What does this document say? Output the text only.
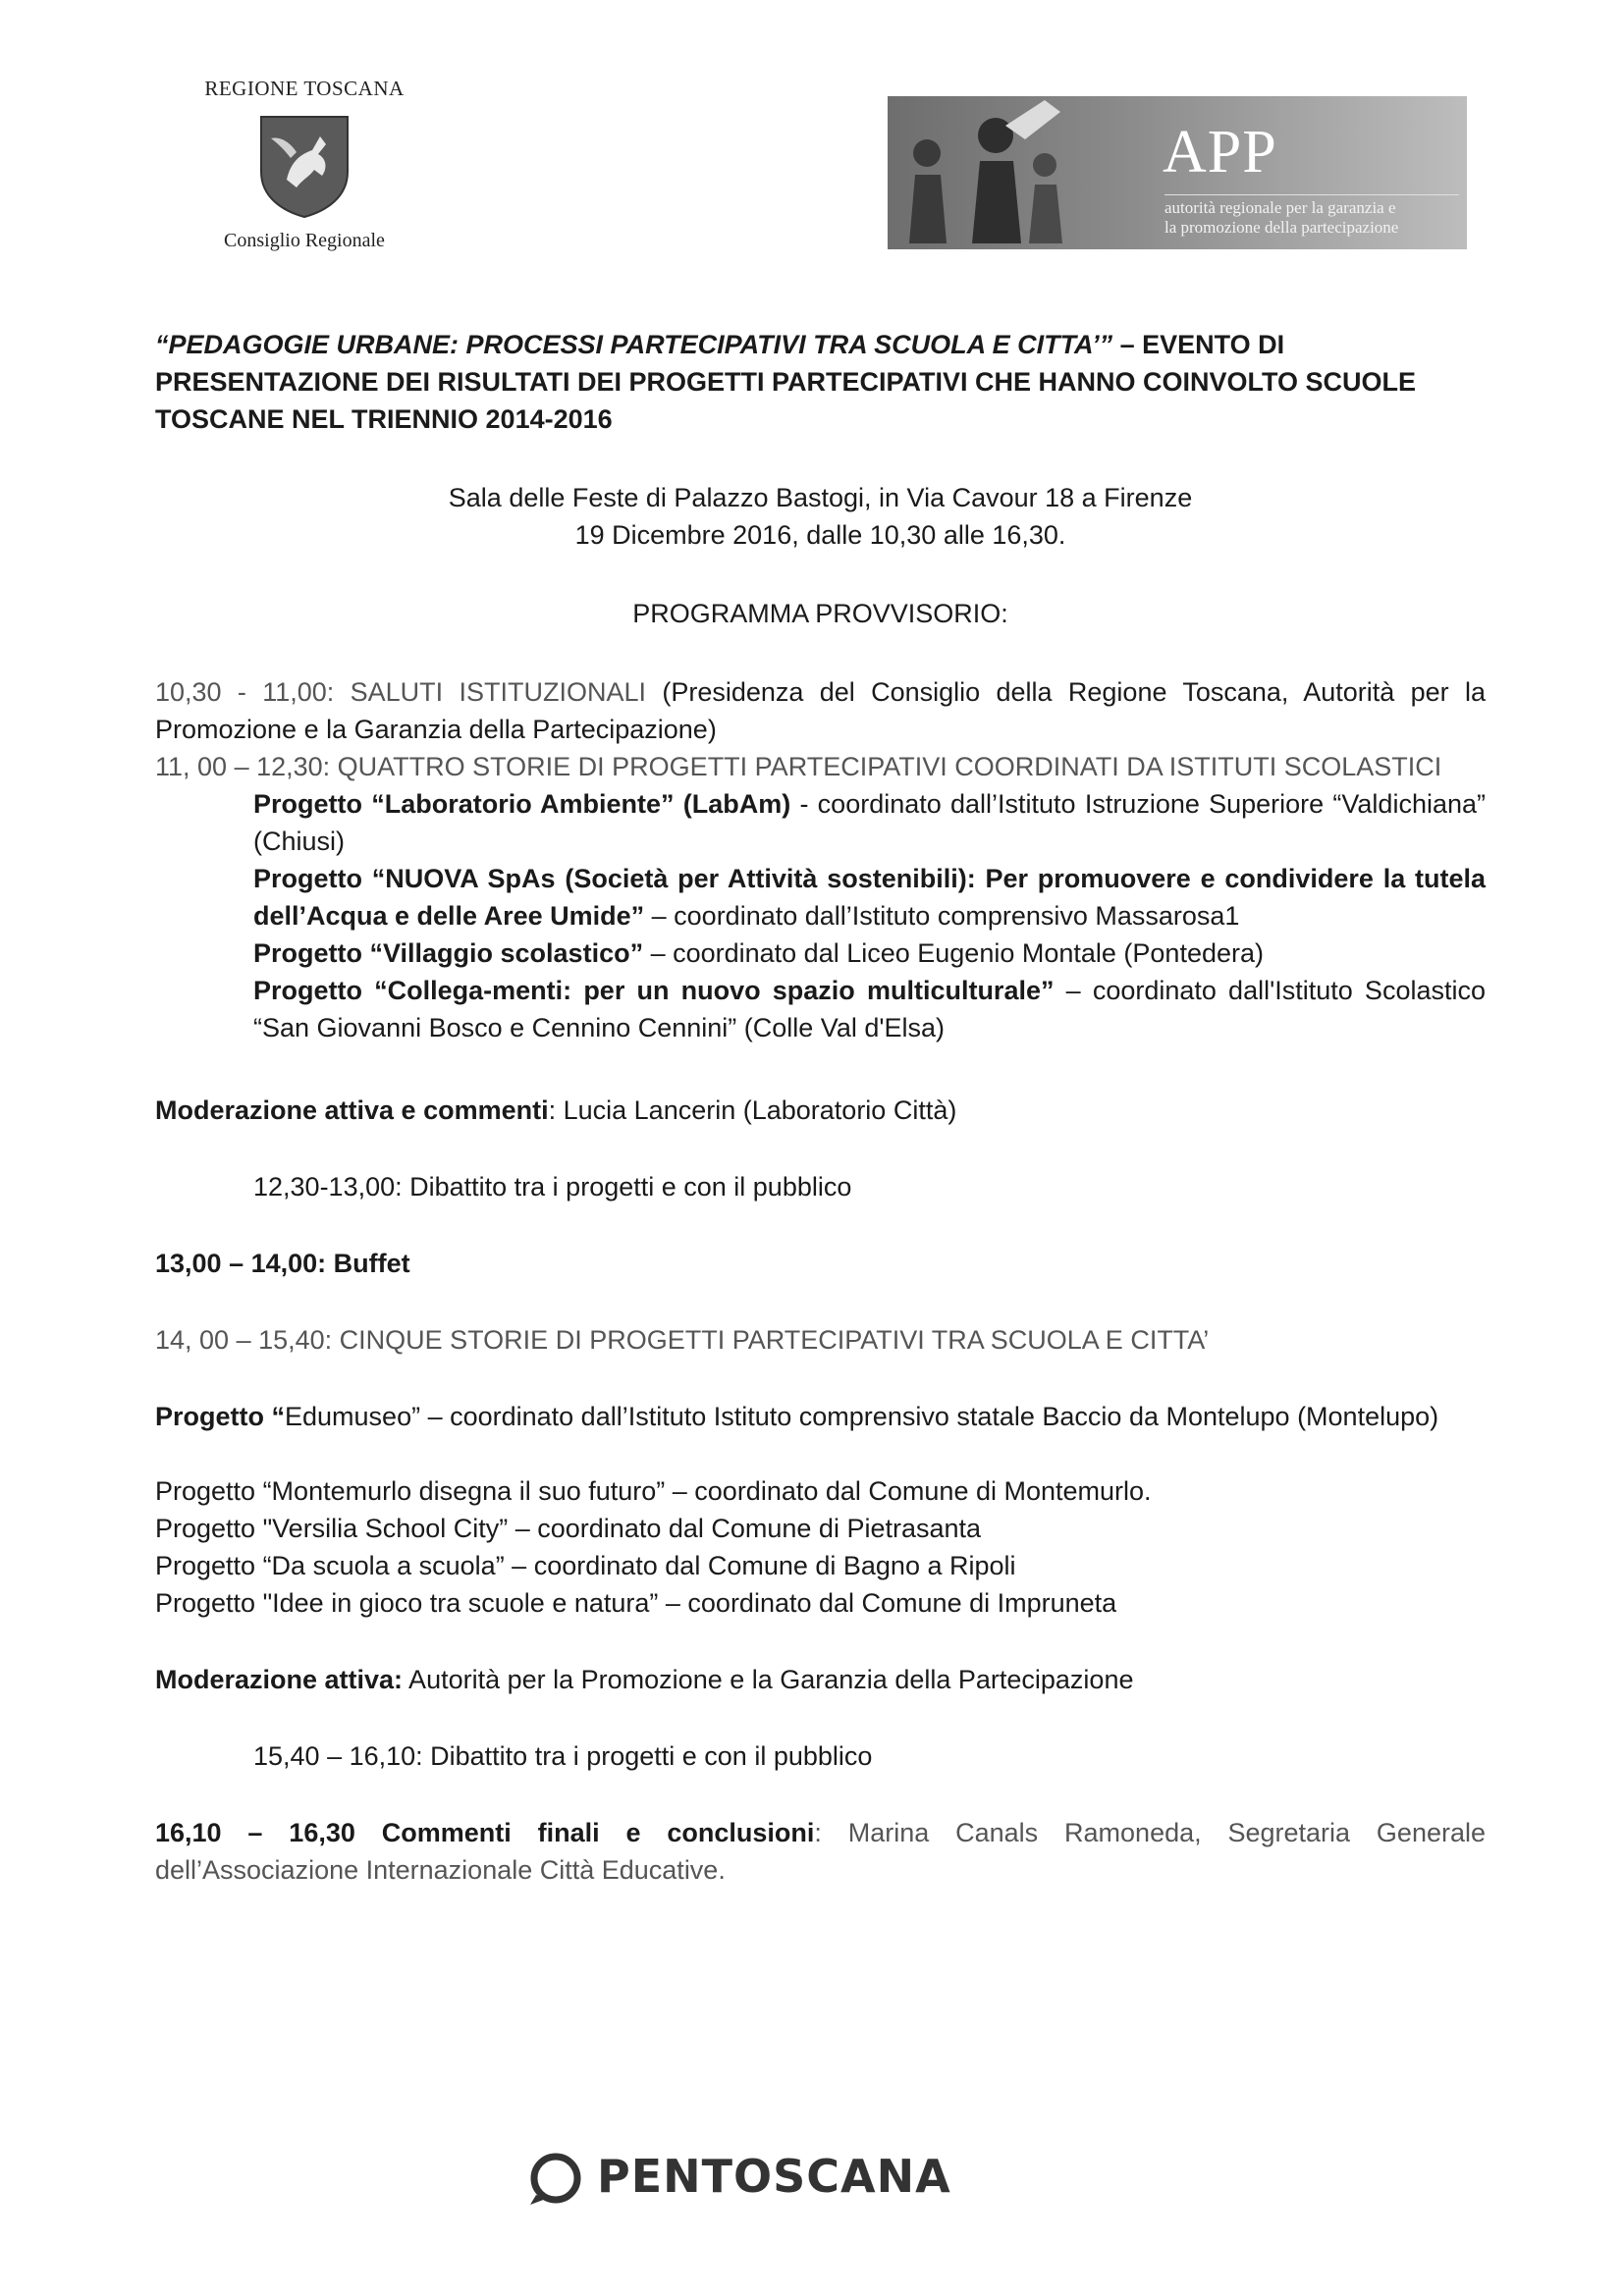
REGIONE TOSCANA
Consiglio Regionale
APP
autorità regionale per la garanzia e
la promozione della partecipazione
“PEDAGOGIE URBANE: PROCESSI PARTECIPATIVI TRA SCUOLA E CITTA’” – EVENTO DI PRESENTAZIONE DEI RISULTATI DEI PROGETTI PARTECIPATIVI CHE HANNO COINVOLTO SCUOLE TOSCANE NEL TRIENNIO 2014-2016
Sala delle Feste di Palazzo Bastogi, in Via Cavour 18 a Firenze
19 Dicembre 2016, dalle 10,30 alle 16,30.
PROGRAMMA PROVVISORIO:
10,30 - 11,00: SALUTI ISTITUZIONALI (Presidenza del Consiglio della Regione Toscana, Autorità per la Promozione e la Garanzia della Partecipazione)
11, 00 – 12,30: QUATTRO STORIE DI PROGETTI PARTECIPATIVI COORDINATI DA ISTITUTI SCOLASTICI
Progetto “Laboratorio Ambiente” (LabAm) - coordinato dall’Istituto Istruzione Superiore “Valdichiana” (Chiusi)
Progetto “NUOVA SpAs (Società per Attività sostenibili): Per promuovere e condividere la tutela dell’Acqua e delle Aree Umide” – coordinato dall’Istituto comprensivo Massarosa1
Progetto “Villaggio scolastico” – coordinato dal Liceo Eugenio Montale (Pontedera)
Progetto “Collega-menti: per un nuovo spazio multiculturale” – coordinato dall'Istituto Scolastico “San Giovanni Bosco e Cennino Cennini” (Colle Val d'Elsa)
Moderazione attiva e commenti: Lucia Lancerin (Laboratorio Città)
12,30-13,00: Dibattito tra i progetti e con il pubblico
13,00 – 14,00: Buffet
14, 00 – 15,40: CINQUE STORIE DI PROGETTI PARTECIPATIVI TRA SCUOLA E CITTA’
Progetto “Edumuseo” – coordinato dall’Istituto Istituto comprensivo statale Baccio da Montelupo (Montelupo)
Progetto “Montemurlo disegna il suo futuro” – coordinato dal Comune di Montemurlo.
Progetto "Versilia School City” – coordinato dal Comune di Pietrasanta
Progetto “Da scuola a scuola” – coordinato dal Comune di Bagno a Ripoli
Progetto "Idee in gioco tra scuole e natura” – coordinato dal Comune di Impruneta
Moderazione attiva: Autorità per la Promozione e la Garanzia della Partecipazione
15,40 – 16,10: Dibattito tra i progetti e con il pubblico
16,10 – 16,30 Commenti finali e conclusioni: Marina Canals Ramoneda, Segretaria Generale dell’Associazione Internazionale Città Educative.
PENTOSCANA
